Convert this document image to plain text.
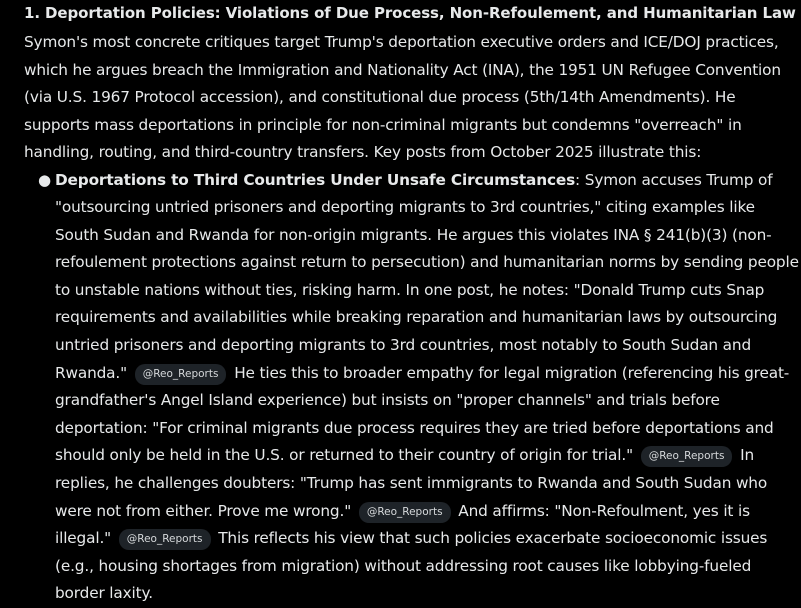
1. Deportation Policies: Violations of Due Process, Non-Refoulement, and Humanitarian Law

Symon's most concrete critiques target Trump's deportation executive orders and ICE/DOJ practices, which he argues breach the Immigration and Nationality Act (INA), the 1951 UN Refugee Convention (via U.S. 1967 Protocol accession), and constitutional due process (5th/14th Amendments). He supports mass deportations in principle for non-criminal migrants but condemns "overreach" in handling, routing, and third-country transfers. Key posts from October 2025 illustrate this:

● Deportations to Third Countries Under Unsafe Circumstances: Symon accuses Trump of "outsourcing untried prisoners and deporting migrants to 3rd countries," citing examples like South Sudan and Rwanda for non-origin migrants. He argues this violates INA § 241(b)(3) (non-refoulement protections against return to persecution) and humanitarian norms by sending people to unstable nations without ties, risking harm. In one post, he notes: "Donald Trump cuts Snap requirements and availabilities while breaking reparation and humanitarian laws by outsourcing untried prisoners and deporting migrants to 3rd countries, most notably to South Sudan and Rwanda." @Reo_Reports He ties this to broader empathy for legal migration (referencing his great-grandfather's Angel Island experience) but insists on "proper channels" and trials before deportation: "For criminal migrants due process requires they are tried before deportations and should only be held in the U.S. or returned to their country of origin for trial." @Reo_Reports In replies, he challenges doubters: "Trump has sent immigrants to Rwanda and South Sudan who were not from either. Prove me wrong." @Reo_Reports And affirms: "Non-Refoulment, yes it is illegal." @Reo_Reports This reflects his view that such policies exacerbate socioeconomic issues (e.g., housing shortages from migration) without addressing root causes like lobbying-fueled border laxity.
